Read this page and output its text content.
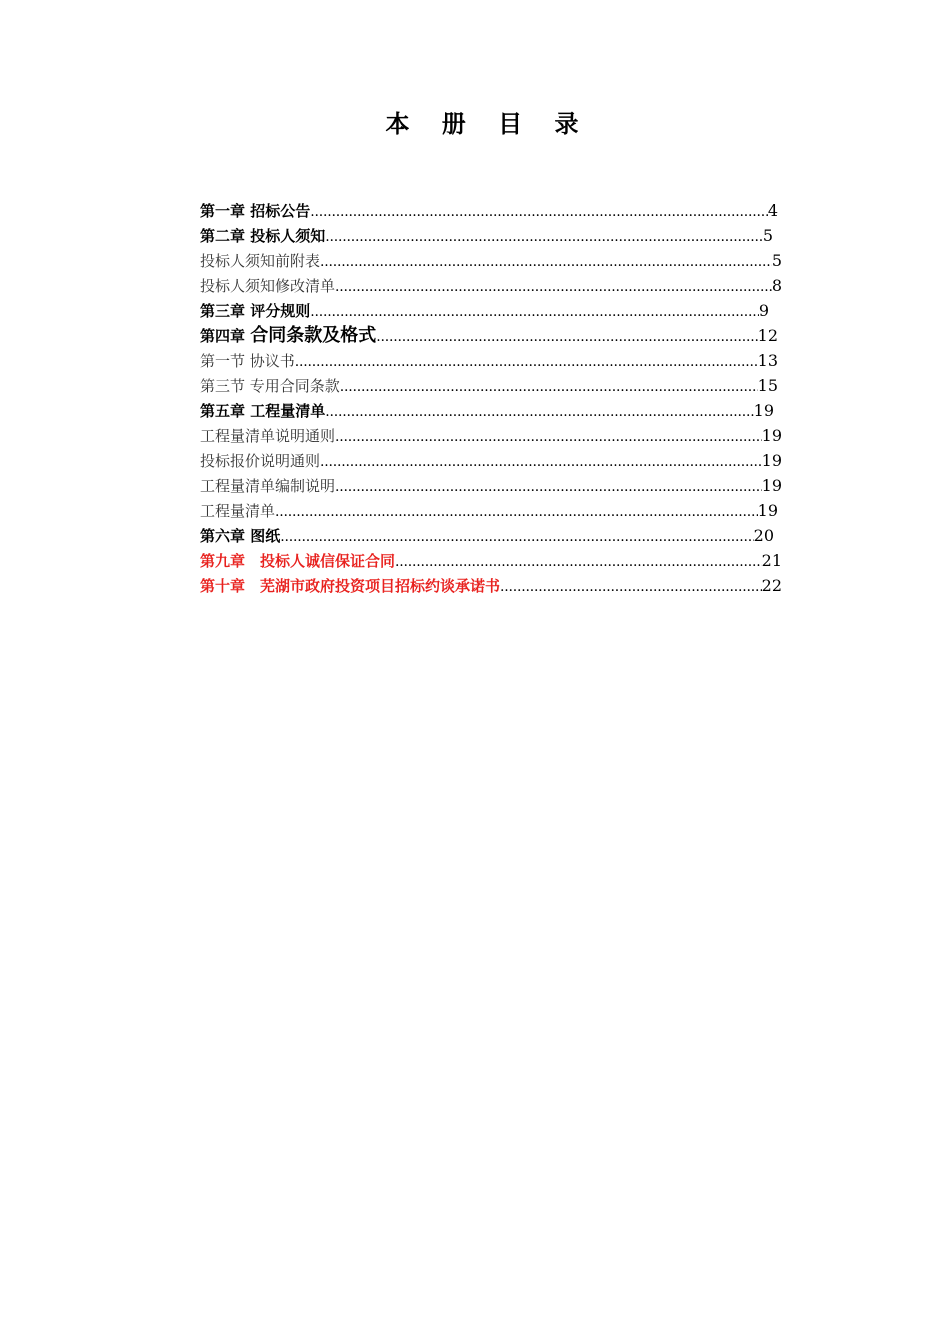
本 册 目 录
第一章 招标公告 .....	4
第二章 投标人须知 .....	5
投标人须知前附表 .....	5
投标人须知修改清单 .....	8
第三章 评分规则 .....	9
第四章 合同条款及格式 .....	12
第一节 协议书 .....	13
第三节 专用合同条款 .....	15
第五章 工程量清单 .....	19
工程量清单说明通则 .....	19
投标报价说明通则 .....	19
工程量清单编制说明 .....	19
工程量清单 .....	19
第六章 图纸 .....	20
第九章　投标人诚信保证合同 .....	21
第十章　芜湖市政府投资项目招标约谈承诺书 .....	22
